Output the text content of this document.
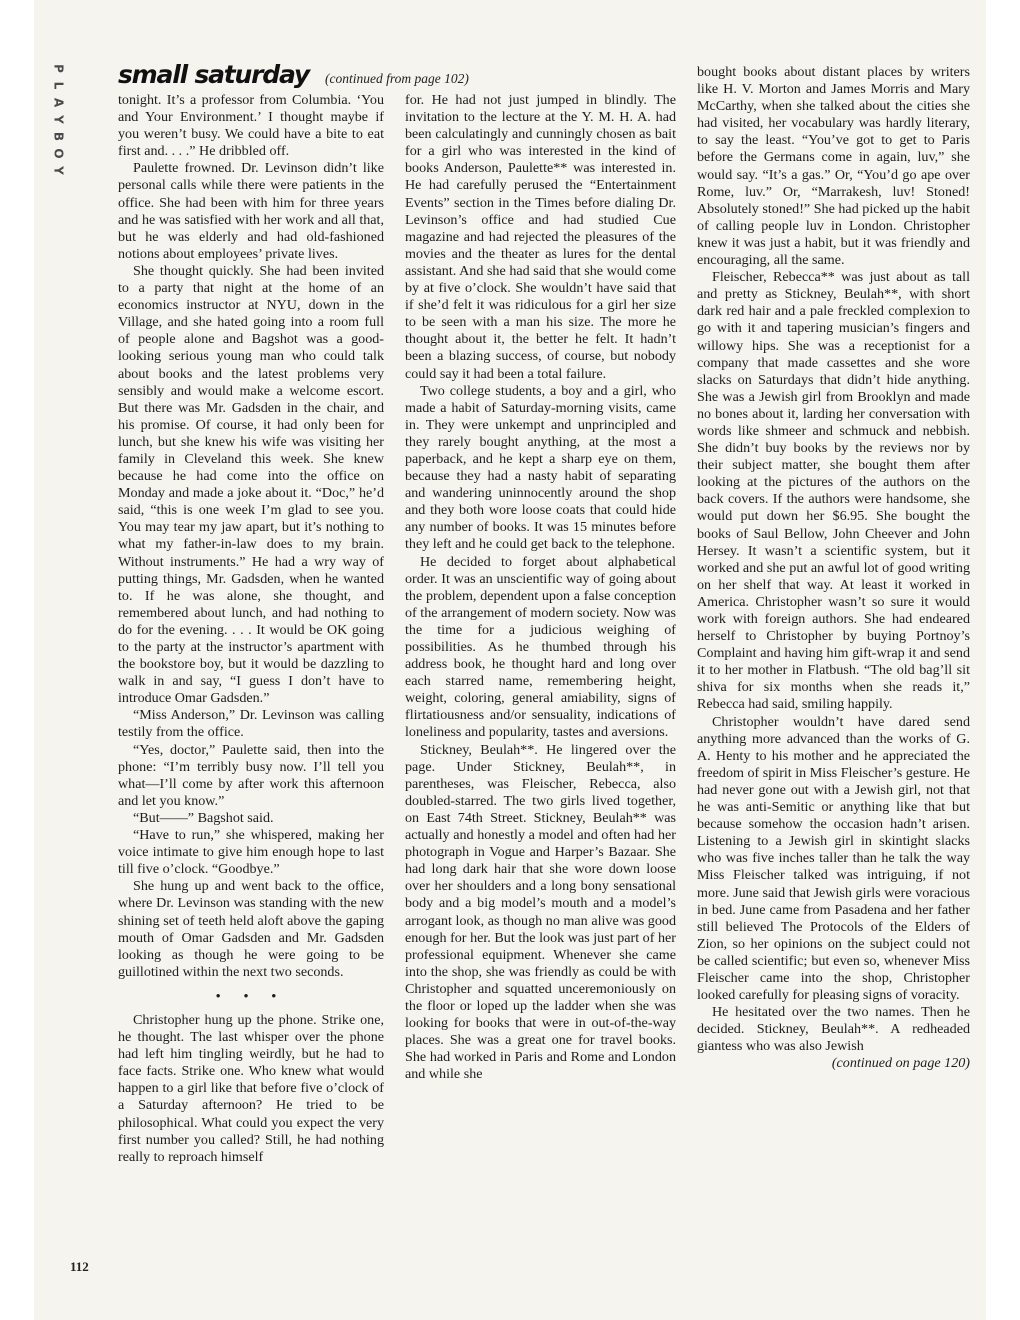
P
L
A
Y
B
O
Y
small saturday (continued from page 102)

tonight. It’s a professor from Columbia. ‘You and Your Environment.’ I thought maybe if you weren’t busy. We could have a bite to eat first and. . . .” He dribbled off.

Paulette frowned. Dr. Levinson didn’t like personal calls while there were patients in the office. She had been with him for three years and he was satisfied with her work and all that, but he was elderly and had old-fashioned notions about employees’ private lives.

She thought quickly. She had been invited to a party that night at the home of an economics instructor at NYU, down in the Village, and she hated going into a room full of people alone and Bagshot was a good-looking serious young man who could talk about books and the latest problems very sensibly and would make a welcome escort. But there was Mr. Gadsden in the chair, and his promise. Of course, it had only been for lunch, but she knew his wife was visiting her family in Cleveland this week. She knew because he had come into the office on Monday and made a joke about it. “Doc,” he’d said, “this is one week I’m glad to see you. You may tear my jaw apart, but it’s nothing to what my father-in-law does to my brain. Without instruments.” He had a wry way of putting things, Mr. Gadsden, when he wanted to. If he was alone, she thought, and remembered about lunch, and had nothing to do for the evening. . . . It would be OK going to the party at the instructor’s apartment with the bookstore boy, but it would be dazzling to walk in and say, “I guess I don’t have to introduce Omar Gadsden.”

“Miss Anderson,” Dr. Levinson was calling testily from the office.

“Yes, doctor,” Paulette said, then into the phone: “I’m terribly busy now. I’ll tell you what—I’ll come by after work this afternoon and let you know.”

“But——” Bagshot said.

“Have to run,” she whispered, making her voice intimate to give him enough hope to last till five o’clock. “Goodbye.”

She hung up and went back to the office, where Dr. Levinson was standing with the new shining set of teeth held aloft above the gaping mouth of Omar Gadsden and Mr. Gadsden looking as though he were going to be guillotined within the next two seconds.

• • •

Christopher hung up the phone. Strike one, he thought. The last whisper over the phone had left him tingling weirdly, but he had to face facts. Strike one. Who knew what would happen to a girl like that before five o’clock of a Saturday afternoon? He tried to be philosophical. What could you expect the very first number you called? Still, he had nothing really to reproach himself

for. He had not just jumped in blindly. The invitation to the lecture at the Y. M. H. A. had been calculatingly and cunningly chosen as bait for a girl who was interested in the kind of books Anderson, Paulette** was interested in. He had carefully perused the “Entertainment Events” section in the Times before dialing Dr. Levinson’s office and had studied Cue magazine and had rejected the pleasures of the movies and the theater as lures for the dental assistant. And she had said that she would come by at five o’clock. She wouldn’t have said that if she’d felt it was ridiculous for a girl her size to be seen with a man his size. The more he thought about it, the better he felt. It hadn’t been a blazing success, of course, but nobody could say it had been a total failure.

Two college students, a boy and a girl, who made a habit of Saturday-morning visits, came in. They were unkempt and unprincipled and they rarely bought anything, at the most a paperback, and he kept a sharp eye on them, because they had a nasty habit of separating and wandering uninnocently around the shop and they both wore loose coats that could hide any number of books. It was 15 minutes before they left and he could get back to the telephone.

He decided to forget about alphabetical order. It was an unscientific way of going about the problem, dependent upon a false conception of the arrangement of modern society. Now was the time for a judicious weighing of possibilities. As he thumbed through his address book, he thought hard and long over each starred name, remembering height, weight, coloring, general amiability, signs of flirtatiousness and/or sensuality, indications of loneliness and popularity, tastes and aversions.

Stickney, Beulah**. He lingered over the page. Under Stickney, Beulah**, in parentheses, was Fleischer, Rebecca, also doubled-starred. The two girls lived together, on East 74th Street. Stickney, Beulah** was actually and honestly a model and often had her photograph in Vogue and Harper’s Bazaar. She had long dark hair that she wore down loose over her shoulders and a long bony sensational body and a big model’s mouth and a model’s arrogant look, as though no man alive was good enough for her. But the look was just part of her professional equipment. Whenever she came into the shop, she was friendly as could be with Christopher and squatted unceremoniously on the floor or loped up the ladder when she was looking for books that were in out-of-the-way places. She was a great one for travel books. She had worked in Paris and Rome and London and while she

bought books about distant places by writers like H. V. Morton and James Morris and Mary McCarthy, when she talked about the cities she had visited, her vocabulary was hardly literary, to say the least. “You’ve got to get to Paris before the Germans come in again, luv,” she would say. “It’s a gas.” Or, “You’d go ape over Rome, luv.” Or, “Marrakesh, luv! Stoned! Absolutely stoned!” She had picked up the habit of calling people luv in London. Christopher knew it was just a habit, but it was friendly and encouraging, all the same.

Fleischer, Rebecca** was just about as tall and pretty as Stickney, Beulah**, with short dark red hair and a pale freckled complexion to go with it and tapering musician’s fingers and willowy hips. She was a receptionist for a company that made cassettes and she wore slacks on Saturdays that didn’t hide anything. She was a Jewish girl from Brooklyn and made no bones about it, larding her conversation with words like shmeer and schmuck and nebbish. She didn’t buy books by the reviews nor by their subject matter, she bought them after looking at the pictures of the authors on the back covers. If the authors were handsome, she would put down her $6.95. She bought the books of Saul Bellow, John Cheever and John Hersey. It wasn’t a scientific system, but it worked and she put an awful lot of good writing on her shelf that way. At least it worked in America. Christopher wasn’t so sure it would work with foreign authors. She had endeared herself to Christopher by buying Portnoy’s Complaint and having him gift-wrap it and send it to her mother in Flatbush. “The old bag’ll sit shiva for six months when she reads it,” Rebecca had said, smiling happily.

Christopher wouldn’t have dared send anything more advanced than the works of G. A. Henty to his mother and he appreciated the freedom of spirit in Miss Fleischer’s gesture. He had never gone out with a Jewish girl, not that he was anti-Semitic or anything like that but because somehow the occasion hadn’t arisen. Listening to a Jewish girl in skintight slacks who was five inches taller than he talk the way Miss Fleischer talked was intriguing, if not more. June said that Jewish girls were voracious in bed. June came from Pasadena and her father still believed The Protocols of the Elders of Zion, so her opinions on the subject could not be called scientific; but even so, whenever Miss Fleischer came into the shop, Christopher looked carefully for pleasing signs of voracity.

He hesitated over the two names. Then he decided. Stickney, Beulah**. A redheaded giantess who was also Jewish

(continued on page 120)
112
